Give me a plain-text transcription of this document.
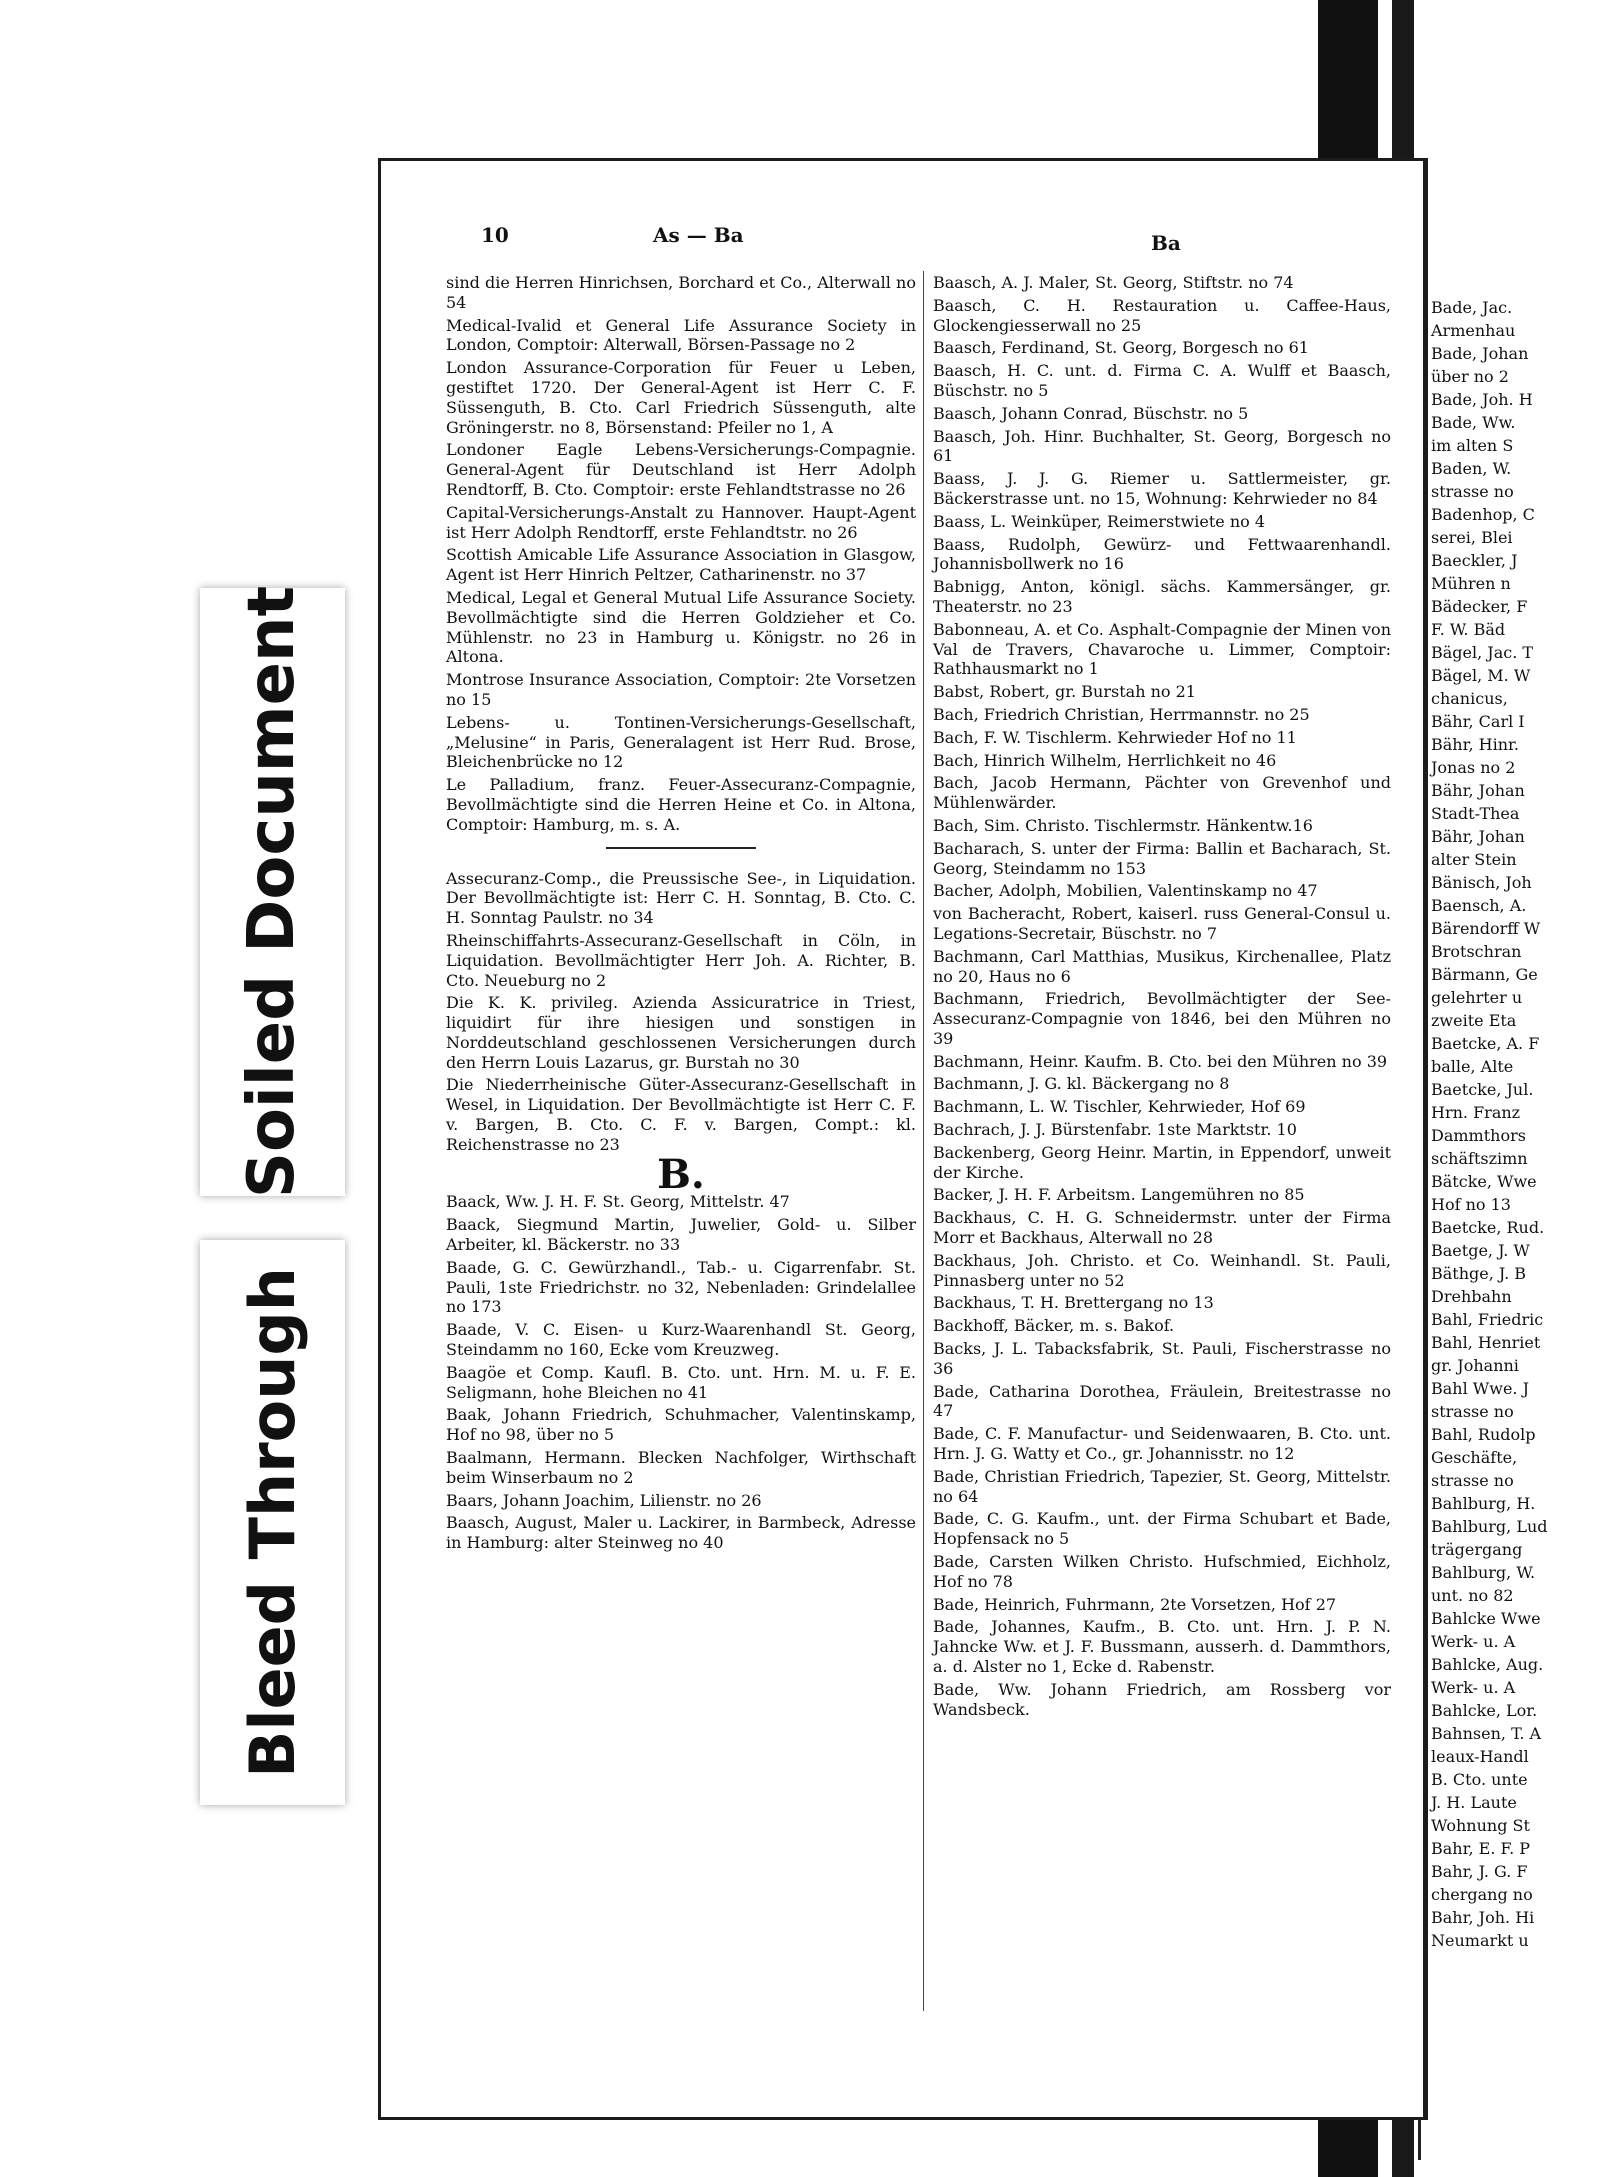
Bade, Jac.
Armenhau
Bade, Johan
über no 2
Bade, Joh. H
Bade, Ww.
im alten S
Baden, W.
strasse no
Badenhop, C
serei, Blei
Baeckler, J
Mühren n
Bädecker, F
F. W. Bäd
Bägel, Jac. T
Bägel, M. W
chanicus,
Bähr, Carl I
Bähr, Hinr.
Jonas no 2
Bähr, Johan
Stadt-Thea
Bähr, Johan
alter Stein
Bänisch, Joh
Baensch, A.
Bärendorff W
Brotschran
Bärmann, Ge
gelehrter u
zweite Eta
Baetcke, A. F
balle, Alte
Baetcke, Jul.
Hrn. Franz
Dammthors
schäftszimn
Bätcke, Wwe
Hof no 13
Baetcke, Rud.
Baetge, J. W
Bäthge, J. B
Drehbahn
Bahl, Friedric
Bahl, Henriet
gr. Johanni
Bahl Wwe. J
strasse no
Bahl, Rudolp
Geschäfte,
strasse no
Bahlburg, H.
Bahlburg, Lud
trägergang
Bahlburg, W.
unt. no 82
Bahlcke Wwe
Werk- u. A
Bahlcke, Aug.
Werk- u. A
Bahlcke, Lor.
Bahnsen, T. A
leaux-Handl
B. Cto. unte
J. H. Laute
Wohnung St
Bahr, E. F. P
Bahr, J. G. F
chergang no
Bahr, Joh. Hi
Neumarkt u
10	As — Ba	Ba
sind die Herren Hinrichsen, Borchard et Co., Alterwall no 54
Medical-Ivalid et General Life Assurance Society in London, Comptoir: Alterwall, Börsen-Passage no 2
London Assurance-Corporation für Feuer u Leben, gestiftet 1720. Der General-Agent ist Herr C. F. Süssenguth, B. Cto. Carl Friedrich Süssenguth, alte Gröningerstr. no 8, Börsenstand: Pfeiler no 1, A
Londoner Eagle Lebens-Versicherungs-Compagnie. General-Agent für Deutschland ist Herr Adolph Rendtorff, B. Cto. Comptoir: erste Fehlandtstrasse no 26
Capital-Versicherungs-Anstalt zu Hannover. Haupt-Agent ist Herr Adolph Rendtorff, erste Fehlandtstr. no 26
Scottish Amicable Life Assurance Association in Glasgow, Agent ist Herr Hinrich Peltzer, Catharinenstr. no 37
Medical, Legal et General Mutual Life Assurance Society. Bevollmächtigte sind die Herren Goldzieher et Co. Mühlenstr. no 23 in Hamburg u. Königstr. no 26 in Altona.
Montrose Insurance Association, Comptoir: 2te Vorsetzen no 15
Lebens- u. Tontinen-Versicherungs-Gesellschaft, „Melusine“ in Paris, Generalagent ist Herr Rud. Brose, Bleichenbrücke no 12
Le Palladium, franz. Feuer-Assecuranz-Compagnie, Bevollmächtigte sind die Herren Heine et Co. in Altona, Comptoir: Hamburg, m. s. A.
Assecuranz-Comp., die Preussische See-, in Liquidation. Der Bevollmächtigte ist: Herr C. H. Sonntag, B. Cto. C. H. Sonntag Paulstr. no 34
Rheinschiffahrts-Assecuranz-Gesellschaft in Cöln, in Liquidation. Bevollmächtigter Herr Joh. A. Richter, B. Cto. Neueburg no 2
Die K. K. privileg. Azienda Assicuratrice in Triest, liquidirt für ihre hiesigen und sonstigen in Norddeutschland geschlossenen Versicherungen durch den Herrn Louis Lazarus, gr. Burstah no 30
Die Niederrheinische Güter-Assecuranz-Gesellschaft in Wesel, in Liquidation. Der Bevollmächtigte ist Herr C. F. v. Bargen, B. Cto. C. F. v. Bargen, Compt.: kl. Reichenstrasse no 23
B.
Baack, Ww. J. H. F. St. Georg, Mittelstr. 47
Baack, Siegmund Martin, Juwelier, Gold- u. Silber Arbeiter, kl. Bäckerstr. no 33
Baade, G. C. Gewürzhandl., Tab.- u. Cigarrenfabr. St. Pauli, 1ste Friedrichstr. no 32, Nebenladen: Grindelallee no 173
Baade, V. C. Eisen- u Kurz-Waarenhandl St. Georg, Steindamm no 160, Ecke vom Kreuzweg.
Baagöe et Comp. Kaufl. B. Cto. unt. Hrn. M. u. F. E. Seligmann, hohe Bleichen no 41
Baak, Johann Friedrich, Schuhmacher, Valentinskamp, Hof no 98, über no 5
Baalmann, Hermann. Blecken Nachfolger, Wirthschaft beim Winserbaum no 2
Baars, Johann Joachim, Lilienstr. no 26
Baasch, August, Maler u. Lackirer, in Barmbeck, Adresse in Hamburg: alter Steinweg no 40
Baasch, A. J. Maler, St. Georg, Stiftstr. no 74
Baasch, C. H. Restauration u. Caffee-Haus, Glockengiesserwall no 25
Baasch, Ferdinand, St. Georg, Borgesch no 61
Baasch, H. C. unt. d. Firma C. A. Wulff et Baasch, Büschstr. no 5
Baasch, Johann Conrad, Büschstr. no 5
Baasch, Joh. Hinr. Buchhalter, St. Georg, Borgesch no 61
Baass, J. J. G. Riemer u. Sattlermeister, gr. Bäckerstrasse unt. no 15, Wohnung: Kehrwieder no 84
Baass, L. Weinküper, Reimerstwiete no 4
Baass, Rudolph, Gewürz- und Fettwaarenhandl. Johannisbollwerk no 16
Babnigg, Anton, königl. sächs. Kammersänger, gr. Theaterstr. no 23
Babonneau, A. et Co. Asphalt-Compagnie der Minen von Val de Travers, Chavaroche u. Limmer, Comptoir: Rathhausmarkt no 1
Babst, Robert, gr. Burstah no 21
Bach, Friedrich Christian, Herrmannstr. no 25
Bach, F. W. Tischlerm. Kehrwieder Hof no 11
Bach, Hinrich Wilhelm, Herrlichkeit no 46
Bach, Jacob Hermann, Pächter von Grevenhof und Mühlenwärder.
Bach, Sim. Christo. Tischlermstr. Hänkentw.16
Bacharach, S. unter der Firma: Ballin et Bacharach, St. Georg, Steindamm no 153
Bacher, Adolph, Mobilien, Valentinskamp no 47
von Bacheracht, Robert, kaiserl. russ General-Consul u. Legations-Secretair, Büschstr. no 7
Bachmann, Carl Matthias, Musikus, Kirchenallee, Platz no 20, Haus no 6
Bachmann, Friedrich, Bevollmächtigter der See-Assecuranz-Compagnie von 1846, bei den Mühren no 39
Bachmann, Heinr. Kaufm. B. Cto. bei den Mühren no 39
Bachmann, J. G. kl. Bäckergang no 8
Bachmann, L. W. Tischler, Kehrwieder, Hof 69
Bachrach, J. J. Bürstenfabr. 1ste Marktstr. 10
Backenberg, Georg Heinr. Martin, in Eppendorf, unweit der Kirche.
Backer, J. H. F. Arbeitsm. Langemühren no 85
Backhaus, C. H. G. Schneidermstr. unter der Firma Morr et Backhaus, Alterwall no 28
Backhaus, Joh. Christo. et Co. Weinhandl. St. Pauli, Pinnasberg unter no 52
Backhaus, T. H. Brettergang no 13
Backhoff, Bäcker, m. s. Bakof.
Backs, J. L. Tabacksfabrik, St. Pauli, Fischerstrasse no 36
Bade, Catharina Dorothea, Fräulein, Breitestrasse no 47
Bade, C. F. Manufactur- und Seidenwaaren, B. Cto. unt. Hrn. J. G. Watty et Co., gr. Johannisstr. no 12
Bade, Christian Friedrich, Tapezier, St. Georg, Mittelstr. no 64
Bade, C. G. Kaufm., unt. der Firma Schubart et Bade, Hopfensack no 5
Bade, Carsten Wilken Christo. Hufschmied, Eichholz, Hof no 78
Bade, Heinrich, Fuhrmann, 2te Vorsetzen, Hof 27
Bade, Johannes, Kaufm., B. Cto. unt. Hrn. J. P. N. Jahncke Ww. et J. F. Bussmann, ausserh. d. Dammthors, a. d. Alster no 1, Ecke d. Rabenstr.
Bade, Ww. Johann Friedrich, am Rossberg vor Wandsbeck.
Soiled Document
Bleed Through
